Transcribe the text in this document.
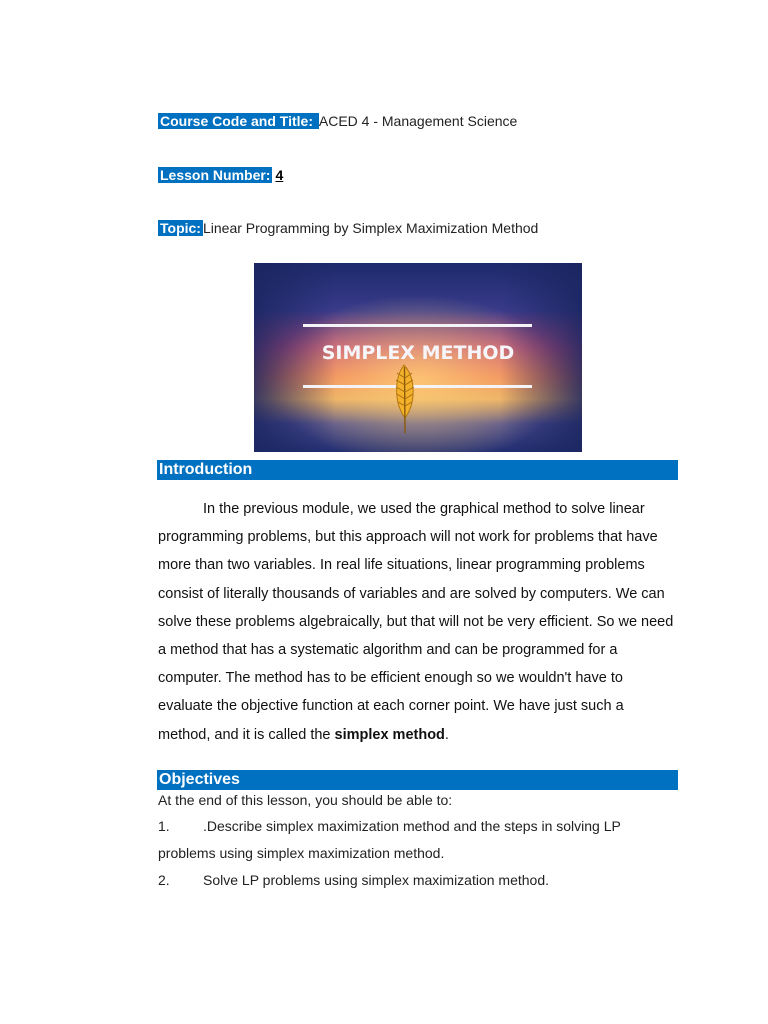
Course Code and Title: ACED 4 - Management Science
Lesson Number: 4
Topic: Linear Programming by Simplex Maximization Method
SIMPLEX METHOD
Introduction

In the previous module, we used the graphical method to solve linear programming problems, but this approach will not work for problems that have more than two variables. In real life situations, linear programming problems consist of literally thousands of variables and are solved by computers. We can solve these problems algebraically, but that will not be very efficient. So we need a method that has a systematic algorithm and can be programmed for a computer. The method has to be efficient enough so we wouldn't have to evaluate the objective function at each corner point. We have just such a method, and it is called the simplex method.

Objectives
At the end of this lesson, you should be able to:
1. .Describe simplex maximization method and the steps in solving LP problems using simplex maximization method.
2. Solve LP problems using simplex maximization method.
